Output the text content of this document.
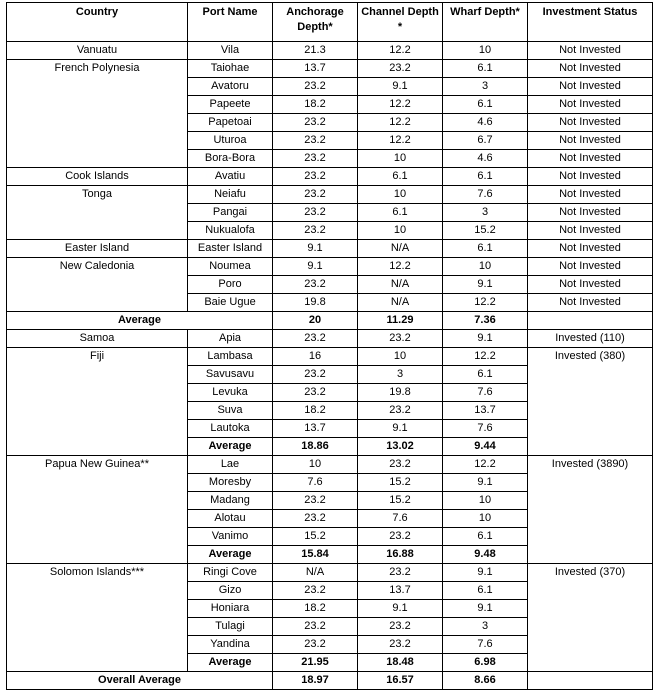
Country	Port Name	Anchorage Depth*	Channel Depth *	Wharf Depth*	Investment Status
Vanuatu	Vila	21.3	12.2	10	Not Invested
French Polynesia	Taiohae	13.7	23.2	6.1	Not Invested
	Avatoru	23.2	9.1	3	Not Invested
	Papeete	18.2	12.2	6.1	Not Invested
	Papetoai	23.2	12.2	4.6	Not Invested
	Uturoa	23.2	12.2	6.7	Not Invested
	Bora-Bora	23.2	10	4.6	Not Invested
Cook Islands	Avatiu	23.2	6.1	6.1	Not Invested
Tonga	Neiafu	23.2	10	7.6	Not Invested
	Pangai	23.2	6.1	3	Not Invested
	Nukualofa	23.2	10	15.2	Not Invested
Easter Island	Easter Island	9.1	N/A	6.1	Not Invested
New Caledonia	Noumea	9.1	12.2	10	Not Invested
	Poro	23.2	N/A	9.1	Not Invested
	Baie Ugue	19.8	N/A	12.2	Not Invested
Average		20	11.29	7.36	
Samoa	Apia	23.2	23.2	9.1	Invested (110)
Fiji	Lambasa	16	10	12.2	Invested (380)
	Savusavu	23.2	3	6.1	
	Levuka	23.2	19.8	7.6	
	Suva	18.2	23.2	13.7	
	Lautoka	13.7	9.1	7.6	
	Average	18.86	13.02	9.44	
Papua New Guinea**	Lae	10	23.2	12.2	Invested (3890)
	Moresby	7.6	15.2	9.1	
	Madang	23.2	15.2	10	
	Alotau	23.2	7.6	10	
	Vanimo	15.2	23.2	6.1	
	Average	15.84	16.88	9.48	
Solomon Islands***	Ringi Cove	N/A	23.2	9.1	Invested (370)
	Gizo	23.2	13.7	6.1	
	Honiara	18.2	9.1	9.1	
	Tulagi	23.2	23.2	3	
	Yandina	23.2	23.2	7.6	
	Average	21.95	18.48	6.98	
Overall Average		18.97	16.57	8.66	
